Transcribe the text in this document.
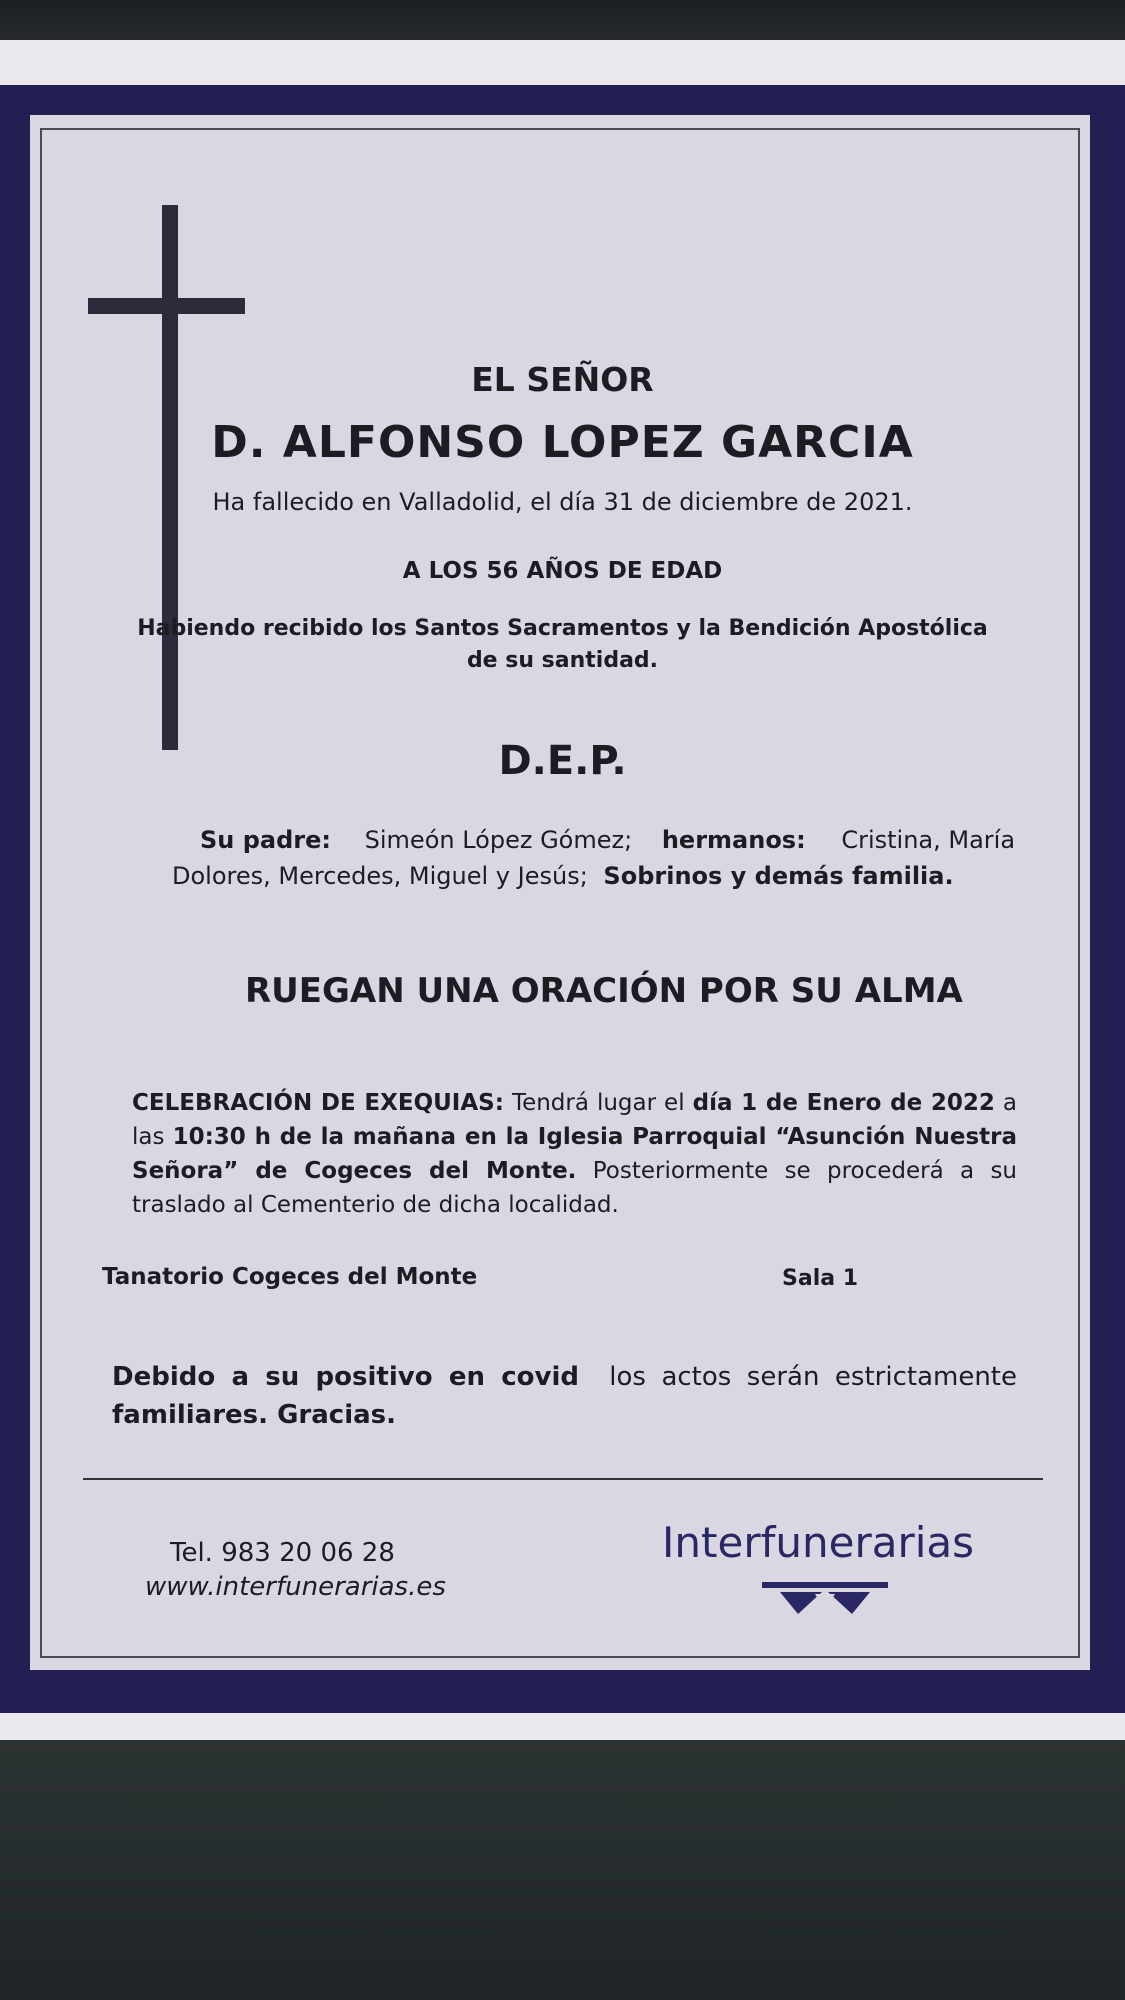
EL SEÑOR
D. ALFONSO LOPEZ GARCIA
Ha fallecido en Valladolid, el día 31 de diciembre de 2021.
A LOS 56 AÑOS DE EDAD
Habiendo recibido los Santos Sacramentos y la Bendición Apostólica
de su santidad.
D.E.P.
Su padre: Simeón López Gómez; hermanos: Cristina, María
Dolores, Mercedes, Miguel y Jesús; Sobrinos y demás familia.
RUEGAN UNA ORACIÓN POR SU ALMA
CELEBRACIÓN DE EXEQUIAS: Tendrá lugar el día 1 de Enero de 2022 a las 10:30 h de la mañana en la Iglesia Parroquial “Asunción Nuestra Señora” de Cogeces del Monte. Posteriormente se procederá a su traslado al Cementerio de dicha localidad.
Tanatorio Cogeces del Monte	Sala 1
Debido a su positivo en covid los actos serán estrictamente familiares. Gracias.
Tel. 983 20 06 28
www.interfunerarias.es
Interfunerarias
